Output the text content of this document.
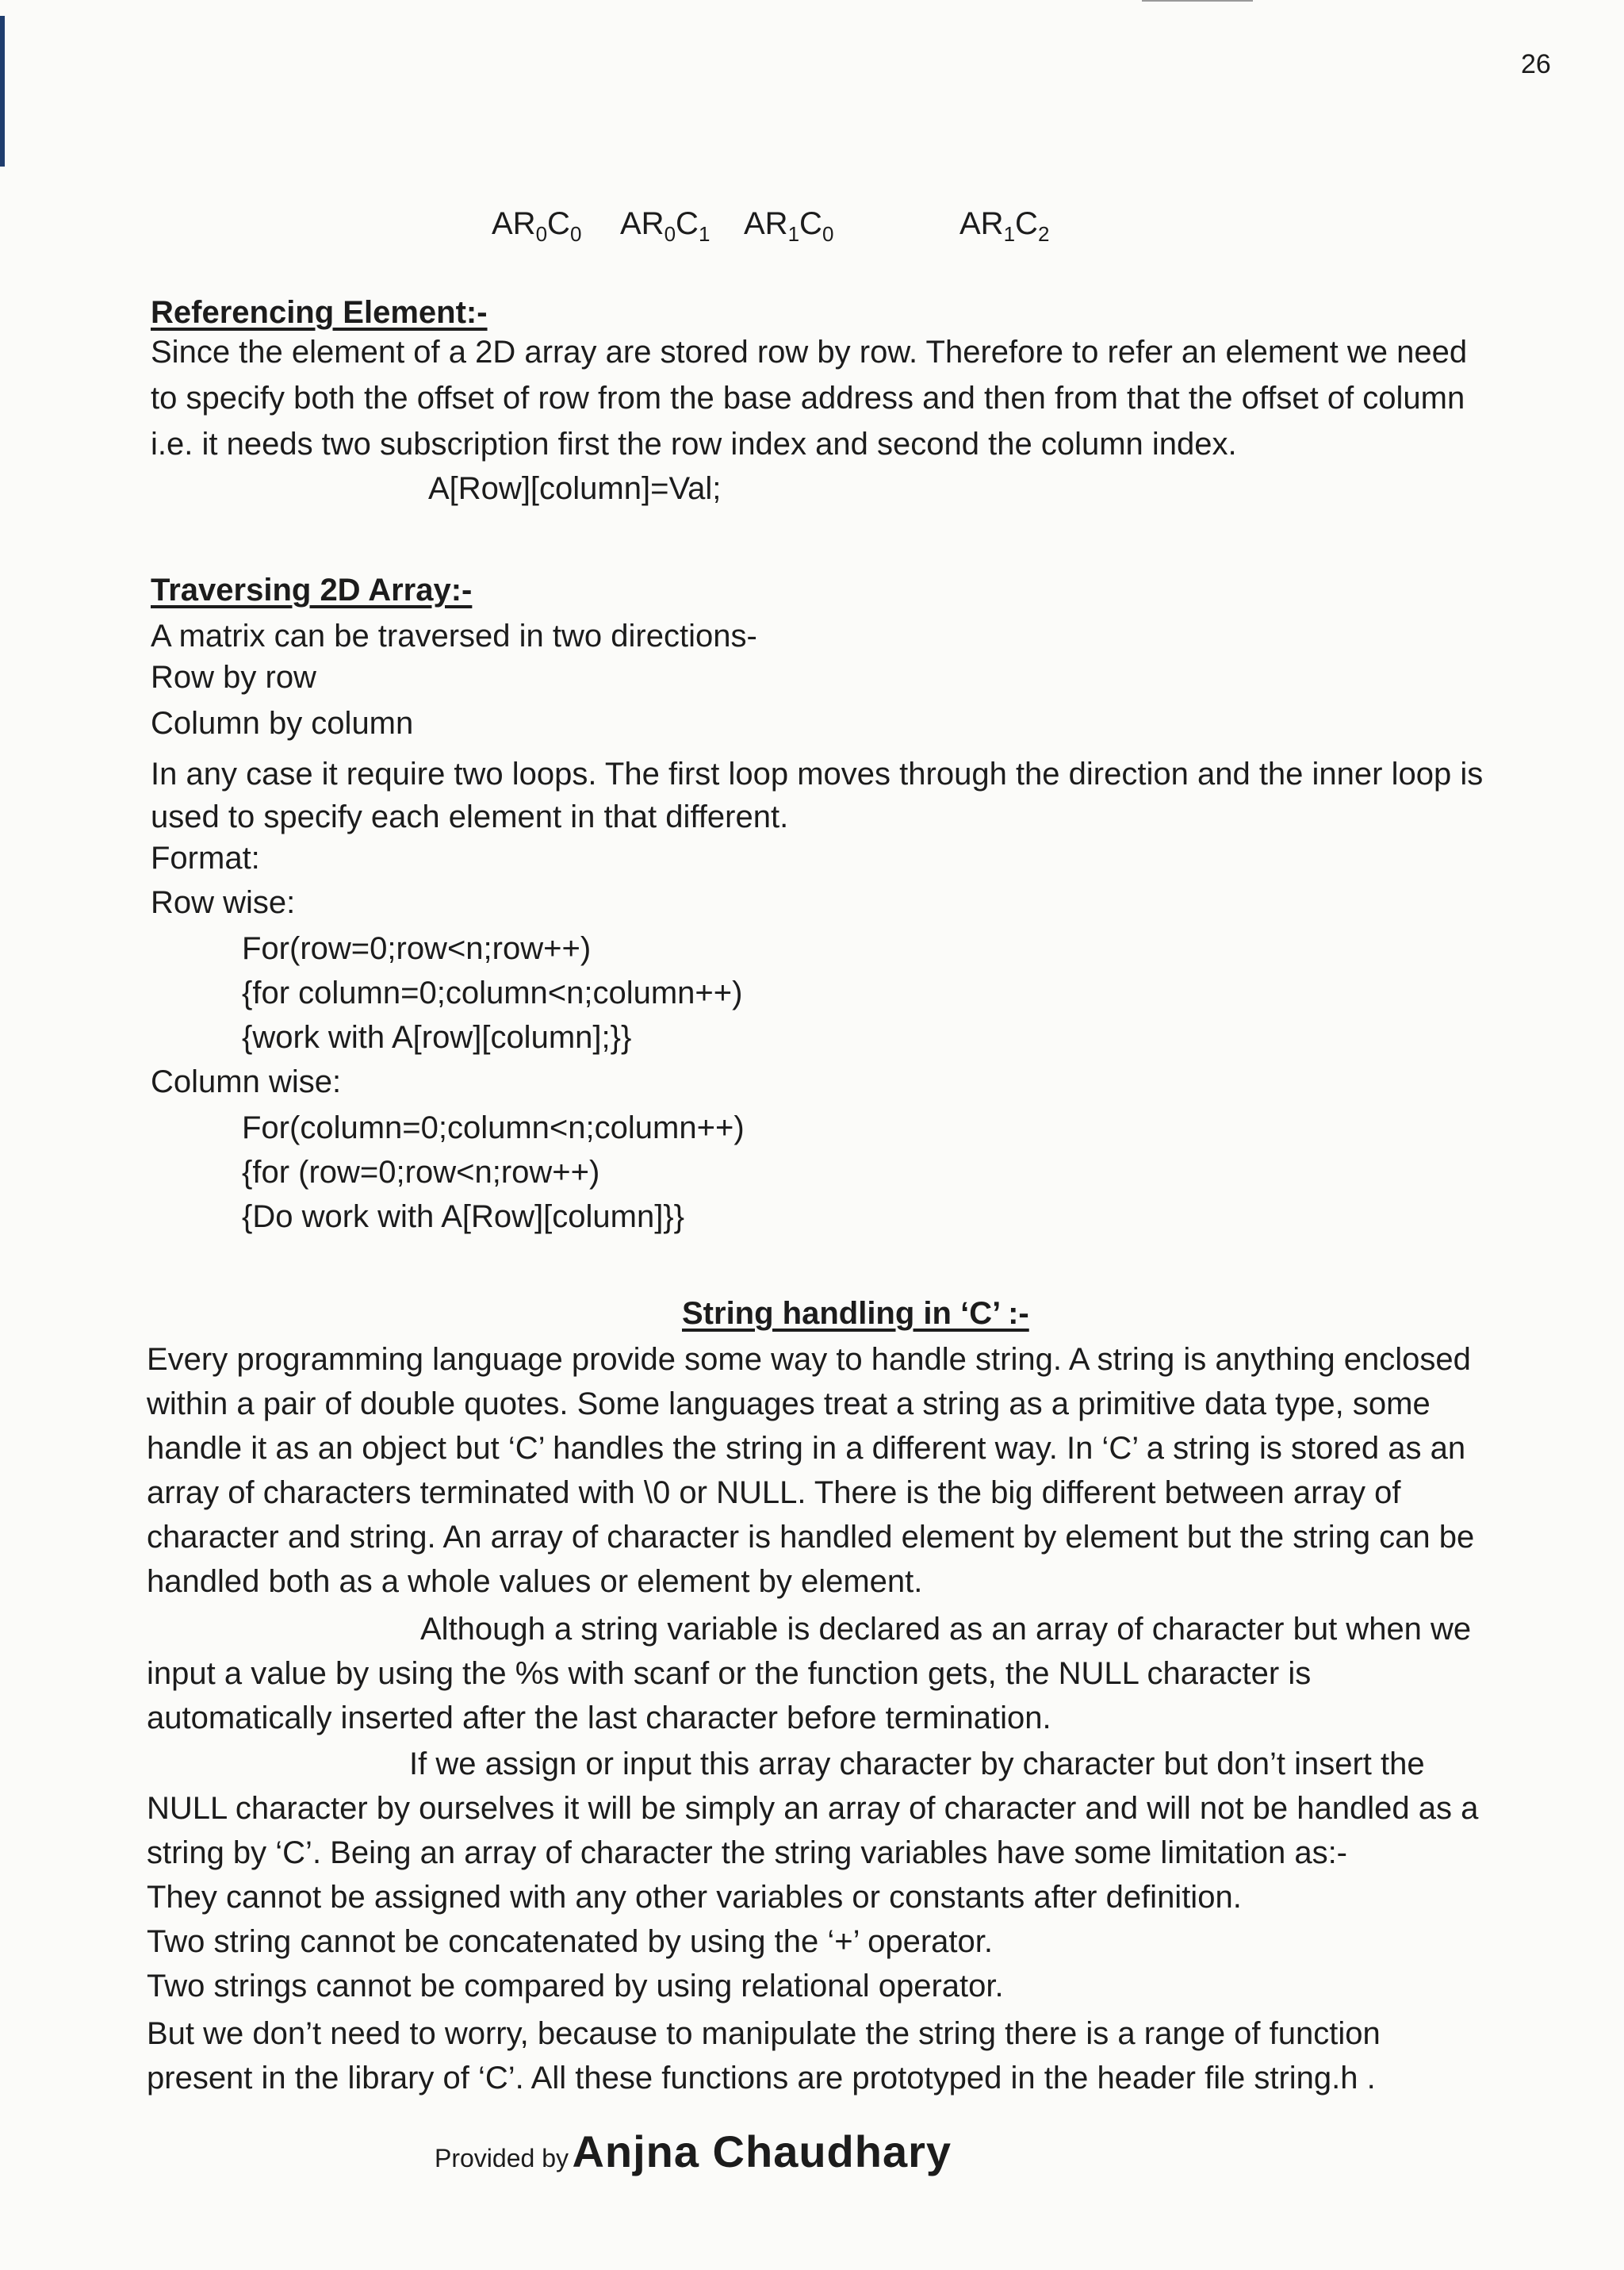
26
$AR_0C_0$ $AR_0C_1$ $AR_1C_0$	$AR_1C_2$
Referencing Element:-
Since the element of a 2D array are stored row by row. Therefore to refer an element we need
to specify both the offset of row from the base address and then from that the offset of column
i.e. it needs two subscription first the row index and second the column index.
A[Row][column]=Val;
Traversing 2D Array:-
A matrix can be traversed in two directions-
Row by row
Column by column
In any case it require two loops. The first loop moves through the direction and the inner loop is
used to specify each element in that different.
Format:
Row wise:
For(row=0;row<n;row++)
{for column=0;column<n;column++)
{work with A[row][column];}}
Column wise:
For(column=0;column<n;column++)
{for (row=0;row<n;row++)
{Do work with A[Row][column]}}
String handling in ‘C’ :-
Every programming language provide some way to handle string. A string is anything enclosed
within a pair of double quotes. Some languages treat a string as a primitive data type, some
handle it as an object but ‘C’ handles the string in a different way. In ‘C’ a string is stored as an
array of characters terminated with \0 or NULL. There is the big different between array of
character and string. An array of character is handled element by element but the string can be
handled both as a whole values or element by element.
Although a string variable is declared as an array of character but when we
input a value by using the %s with scanf or the function gets, the NULL character is
automatically inserted after the last character before termination.
If we assign or input this array character by character but don’t insert the
NULL character by ourselves it will be simply an array of character and will not be handled as a
string by ‘C’. Being an array of character the string variables have some limitation as:-
They cannot be assigned with any other variables or constants after definition.
Two string cannot be concatenated by using the ‘+’ operator.
Two strings cannot be compared by using relational operator.
But we don’t need to worry, because to manipulate the string there is a range of function
present in the library of ‘C’. All these functions are prototyped in the header file string.h .
Provided by Anjna Chaudhary
